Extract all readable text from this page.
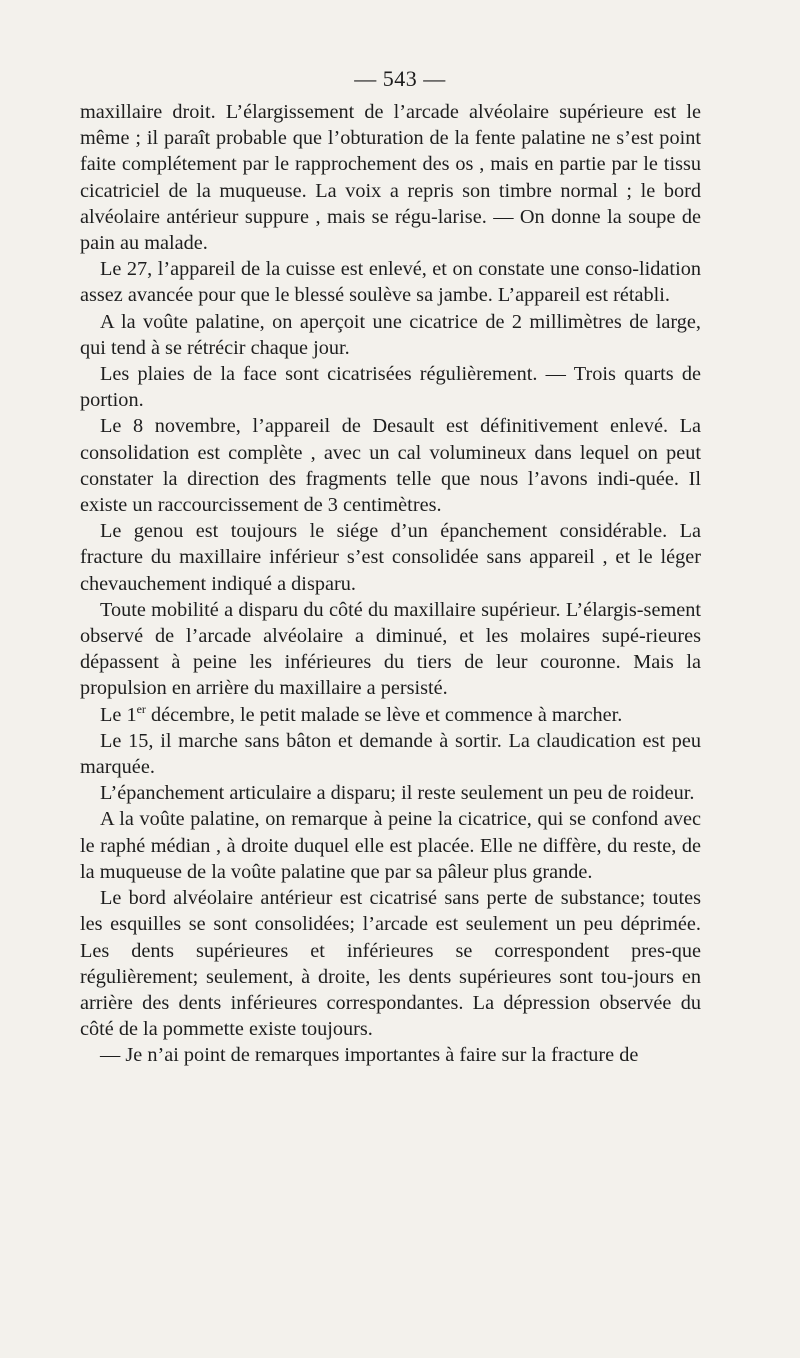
— 543 —

maxillaire droit. L’élargissement de l’arcade alvéolaire supérieure est le même ; il paraît probable que l’obturation de la fente palatine ne s’est point faite complétement par le rapprochement des os , mais en partie par le tissu cicatriciel de la muqueuse. La voix a repris son timbre normal ; le bord alvéolaire antérieur suppure , mais se régu-larise. — On donne la soupe de pain au malade.

Le 27, l’appareil de la cuisse est enlevé, et on constate une conso-lidation assez avancée pour que le blessé soulève sa jambe. L’appareil est rétabli.

A la voûte palatine, on aperçoit une cicatrice de 2 millimètres de large, qui tend à se rétrécir chaque jour.

Les plaies de la face sont cicatrisées régulièrement. — Trois quarts de portion.

Le 8 novembre, l’appareil de Desault est définitivement enlevé. La consolidation est complète , avec un cal volumineux dans lequel on peut constater la direction des fragments telle que nous l’avons indi-quée. Il existe un raccourcissement de 3 centimètres.

Le genou est toujours le siége d’un épanchement considérable. La fracture du maxillaire inférieur s’est consolidée sans appareil , et le léger chevauchement indiqué a disparu.

Toute mobilité a disparu du côté du maxillaire supérieur. L’élargis-sement observé de l’arcade alvéolaire a diminué, et les molaires supé-rieures dépassent à peine les inférieures du tiers de leur couronne. Mais la propulsion en arrière du maxillaire a persisté.

Le 1er décembre, le petit malade se lève et commence à marcher.

Le 15, il marche sans bâton et demande à sortir. La claudication est peu marquée.

L’épanchement articulaire a disparu; il reste seulement un peu de roideur.

A la voûte palatine, on remarque à peine la cicatrice, qui se confond avec le raphé médian , à droite duquel elle est placée. Elle ne diffère, du reste, de la muqueuse de la voûte palatine que par sa pâleur plus grande.

Le bord alvéolaire antérieur est cicatrisé sans perte de substance; toutes les esquilles se sont consolidées; l’arcade est seulement un peu déprimée. Les dents supérieures et inférieures se correspondent pres-que régulièrement; seulement, à droite, les dents supérieures sont tou-jours en arrière des dents inférieures correspondantes. La dépression observée du côté de la pommette existe toujours.

— Je n’ai point de remarques importantes à faire sur la fracture de
